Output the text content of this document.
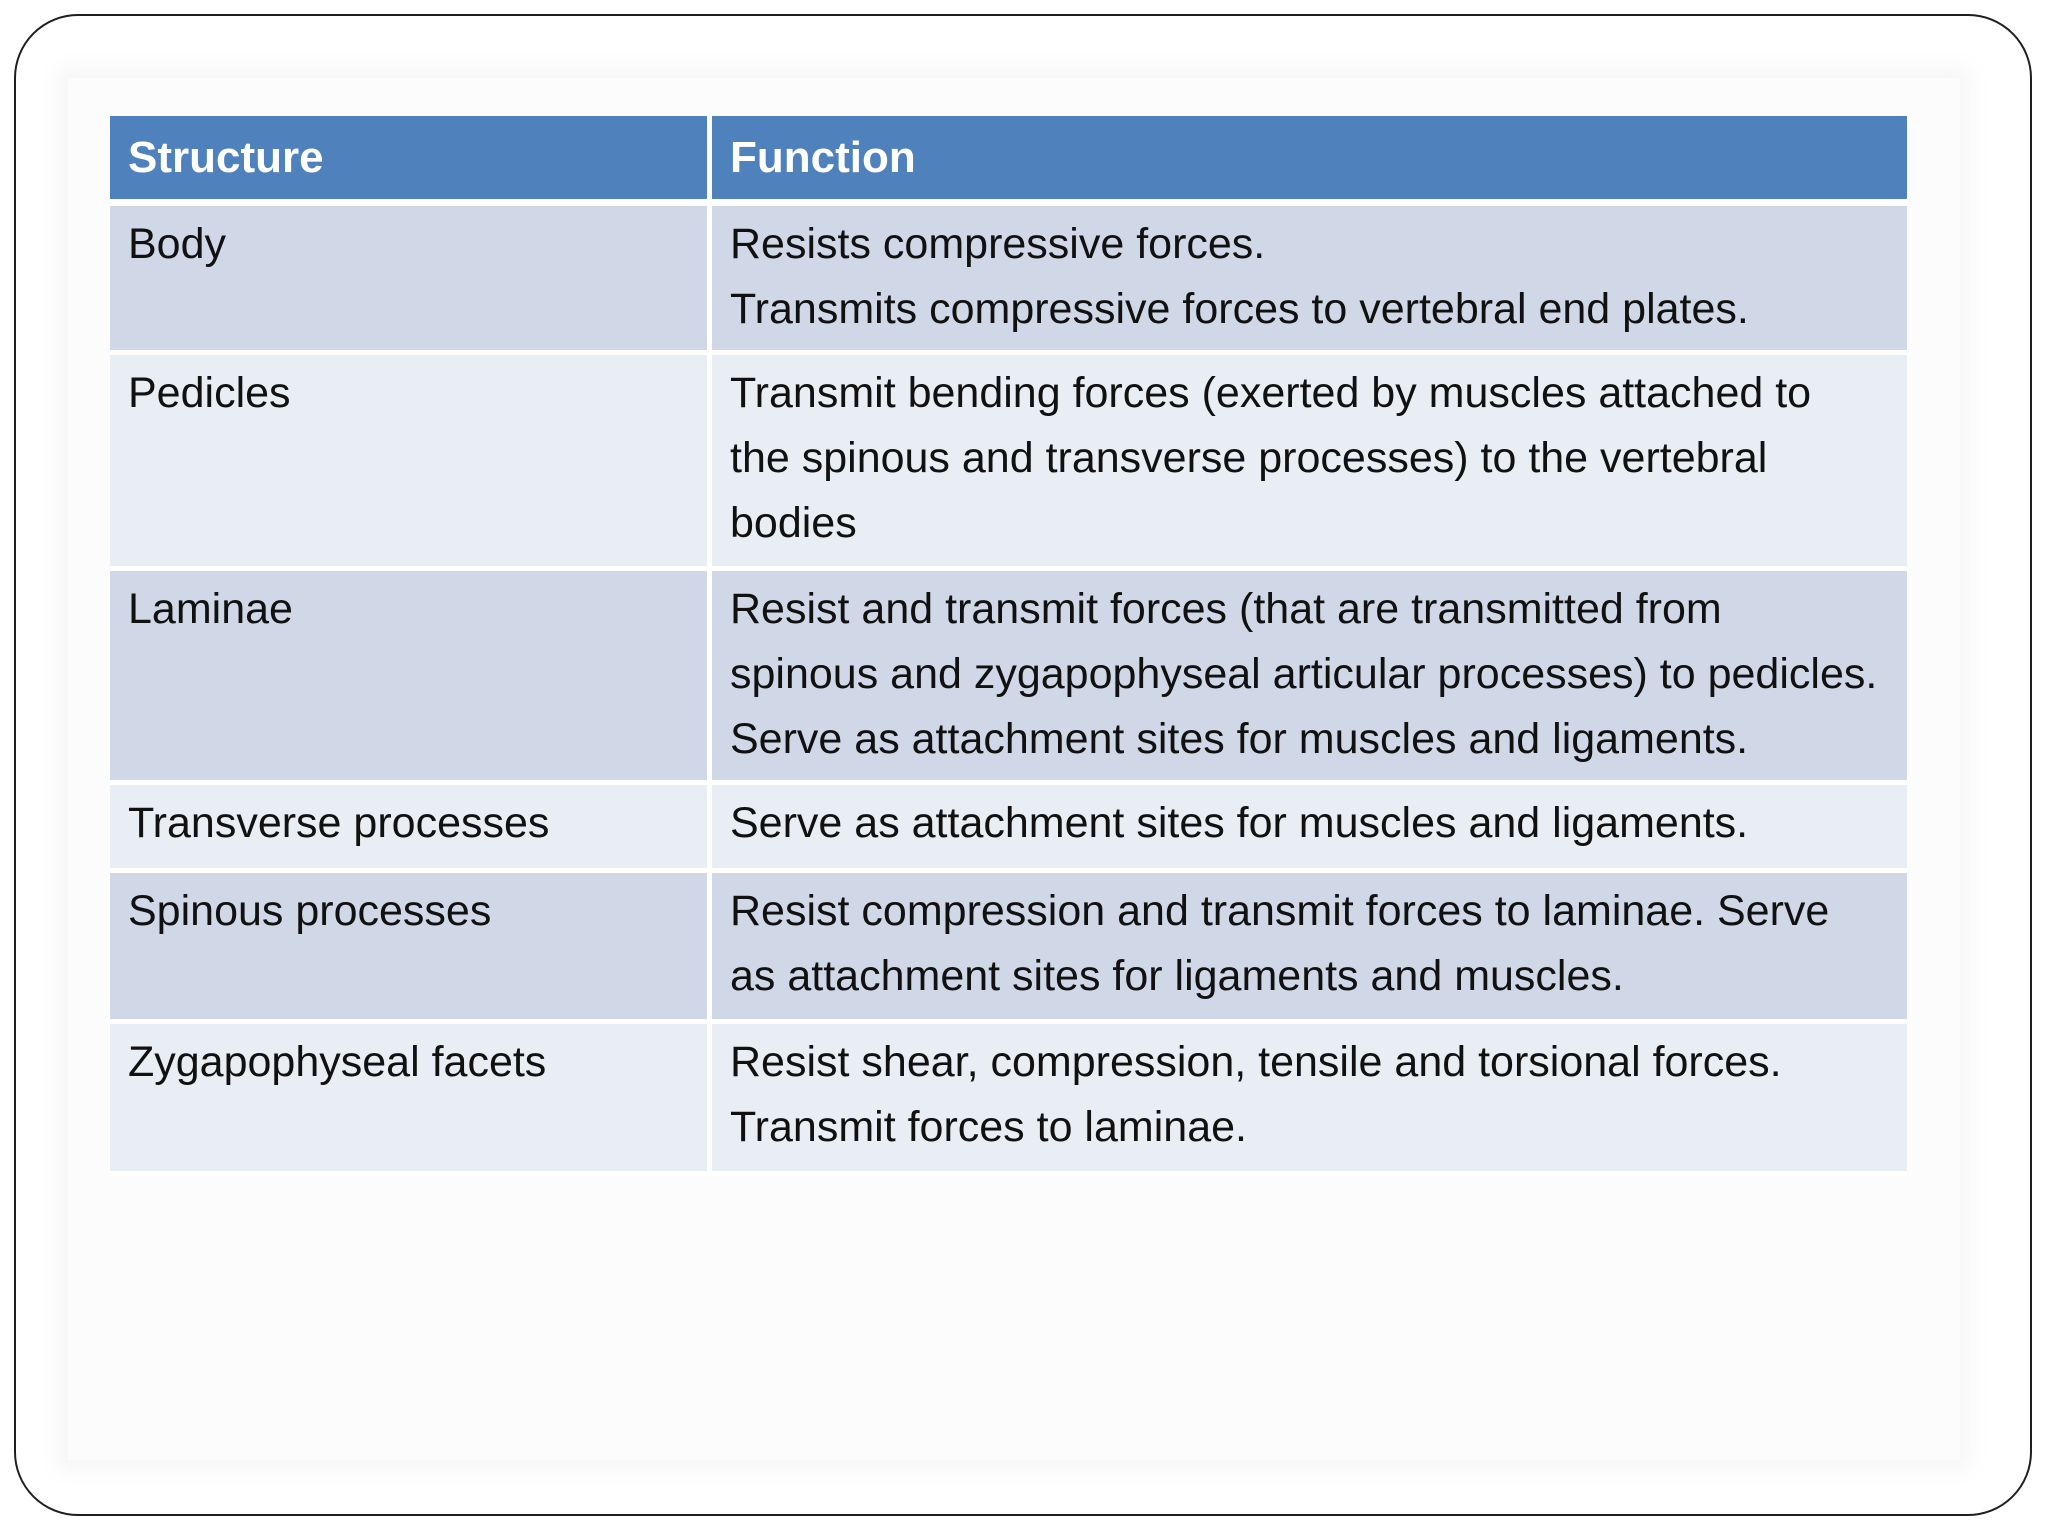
Structure	Function
Body	Resists compressive forces.
Transmits compressive forces to vertebral end plates.

Pedicles	Transmit bending forces (exerted by muscles attached to
the spinous and transverse processes) to the vertebral
bodies

Laminae	Resist and transmit forces (that are transmitted from
spinous and zygapophyseal articular processes) to pedicles.
Serve as attachment sites for muscles and ligaments.

Transverse processes	Serve as attachment sites for muscles and ligaments.

Spinous processes	Resist compression and transmit forces to laminae. Serve
as attachment sites for ligaments and muscles.

Zygapophyseal facets	Resist shear, compression, tensile and torsional forces.
Transmit forces to laminae.
